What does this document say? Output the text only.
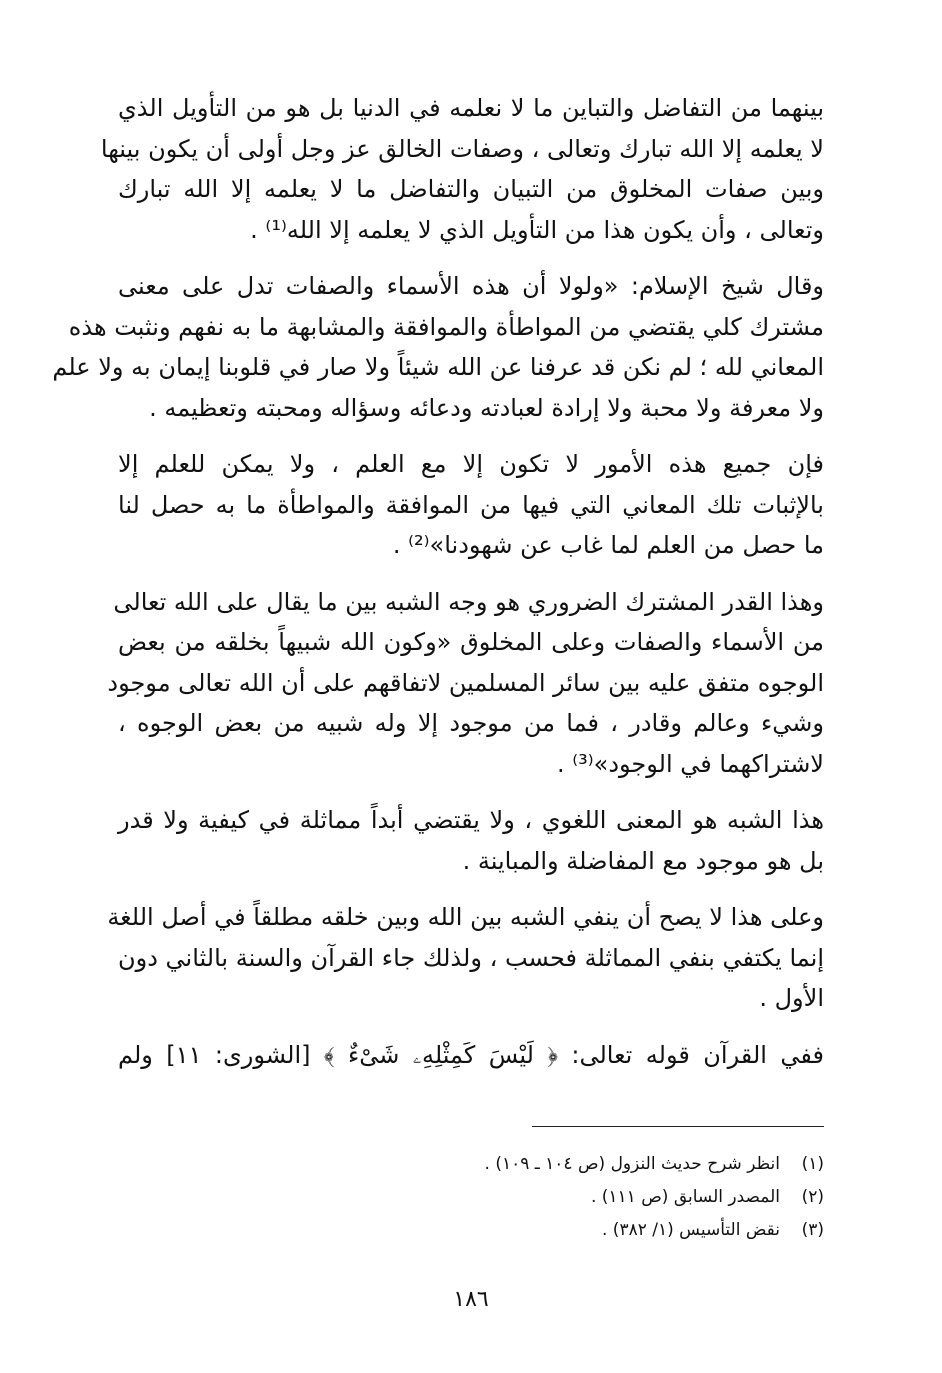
بينهما من التفاضل والتباين ما لا نعلمه في الدنيا بل هو من التأويل الذي
لا يعلمه إلا الله تبارك وتعالى ، وصفات الخالق عز وجل أولى أن يكون بينها
وبين صفات المخلوق من التبيان والتفاضل ما لا يعلمه إلا الله تبارك
وتعالى ، وأن يكون هذا من التأويل الذي لا يعلمه إلا الله⁽¹⁾ .
وقال شيخ الإسلام: «ولولا أن هذه الأسماء والصفات تدل على معنى
مشترك كلي يقتضي من المواطأة والموافقة والمشابهة ما به نفهم ونثبت هذه
المعاني لله ؛ لم نكن قد عرفنا عن الله شيئاً ولا صار في قلوبنا إيمان به ولا علم
ولا معرفة ولا محبة ولا إرادة لعبادته ودعائه وسؤاله ومحبته وتعظيمه .
فإن جميع هذه الأمور لا تكون إلا مع العلم ، ولا يمكن للعلم إلا
بالإثبات تلك المعاني التي فيها من الموافقة والمواطأة ما به حصل لنا
ما حصل من العلم لما غاب عن شهودنا»⁽²⁾ .
وهذا القدر المشترك الضروري هو وجه الشبه بين ما يقال على الله تعالى
من الأسماء والصفات وعلى المخلوق «وكون الله شبيهاً بخلقه من بعض
الوجوه متفق عليه بين سائر المسلمين لاتفاقهم على أن الله تعالى موجود
وشيء وعالم وقادر ، فما من موجود إلا وله شبيه من بعض الوجوه ،
لاشتراكهما في الوجود»⁽³⁾ .
هذا الشبه هو المعنى اللغوي ، ولا يقتضي أبداً مماثلة في كيفية ولا قدر
بل هو موجود مع المفاضلة والمباينة .
وعلى هذا لا يصح أن ينفي الشبه بين الله وبين خلقه مطلقاً في أصل اللغة
إنما يكتفي بنفي المماثلة فحسب ، ولذلك جاء القرآن والسنة بالثاني دون
الأول .
ففي القرآن قوله تعالى: ﴿ لَيْسَ كَمِثْلِهِۦ شَىْءٌ ﴾ [الشورى: ١١] ولم
(١)انظر شرح حديث النزول (ص ١٠٤ ـ ١٠٩) .
(٢)المصدر السابق (ص ١١١) .
(٣)نقض التأسيس (١/ ٣٨٢) .
١٨٦
